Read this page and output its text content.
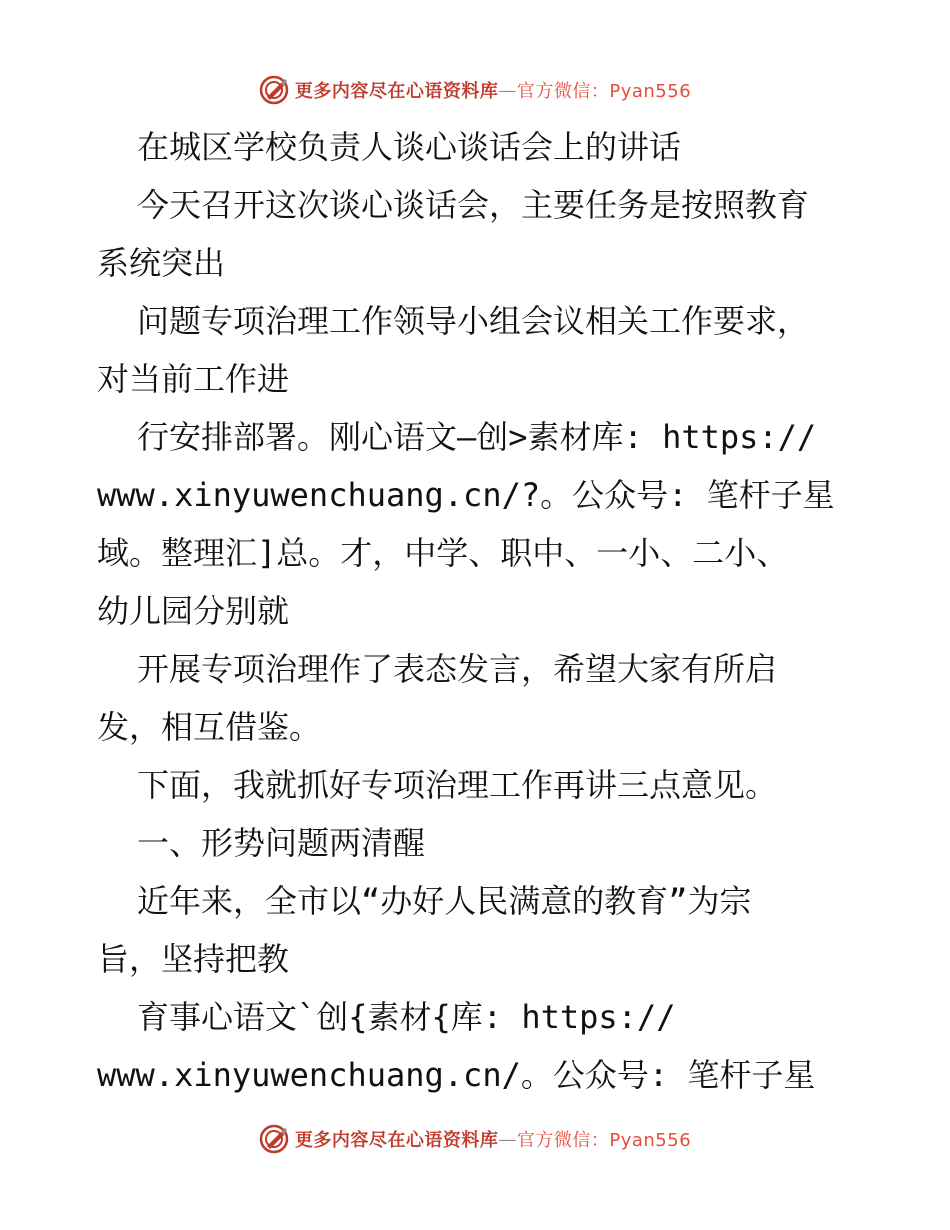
更多内容尽在心语资料库 — 官方微信：Pyan556
在城区学校负责人谈心谈话会上的讲话
今天召开这次谈心谈话会，主要任务是按照教育
系统突出
问题专项治理工作领导小组会议相关工作要求，
对当前工作进
行安排部署。刚心语文—创>素材库: https://
www.xinyuwenchuang.cn/?。公众号: 笔杆子星
域。整理汇]总。才，中学、职中、一小、二小、
幼儿园分别就
开展专项治理作了表态发言，希望大家有所启
发，相互借鉴。
下面，我就抓好专项治理工作再讲三点意见。
一、形势问题两清醒
近年来，全市以“办好人民满意的教育”为宗
旨，坚持把教
育事心语文`创{素材{库: https://
www.xinyuwenchuang.cn/。公众号: 笔杆子星
更多内容尽在心语资料库 — 官方微信：Pyan556
